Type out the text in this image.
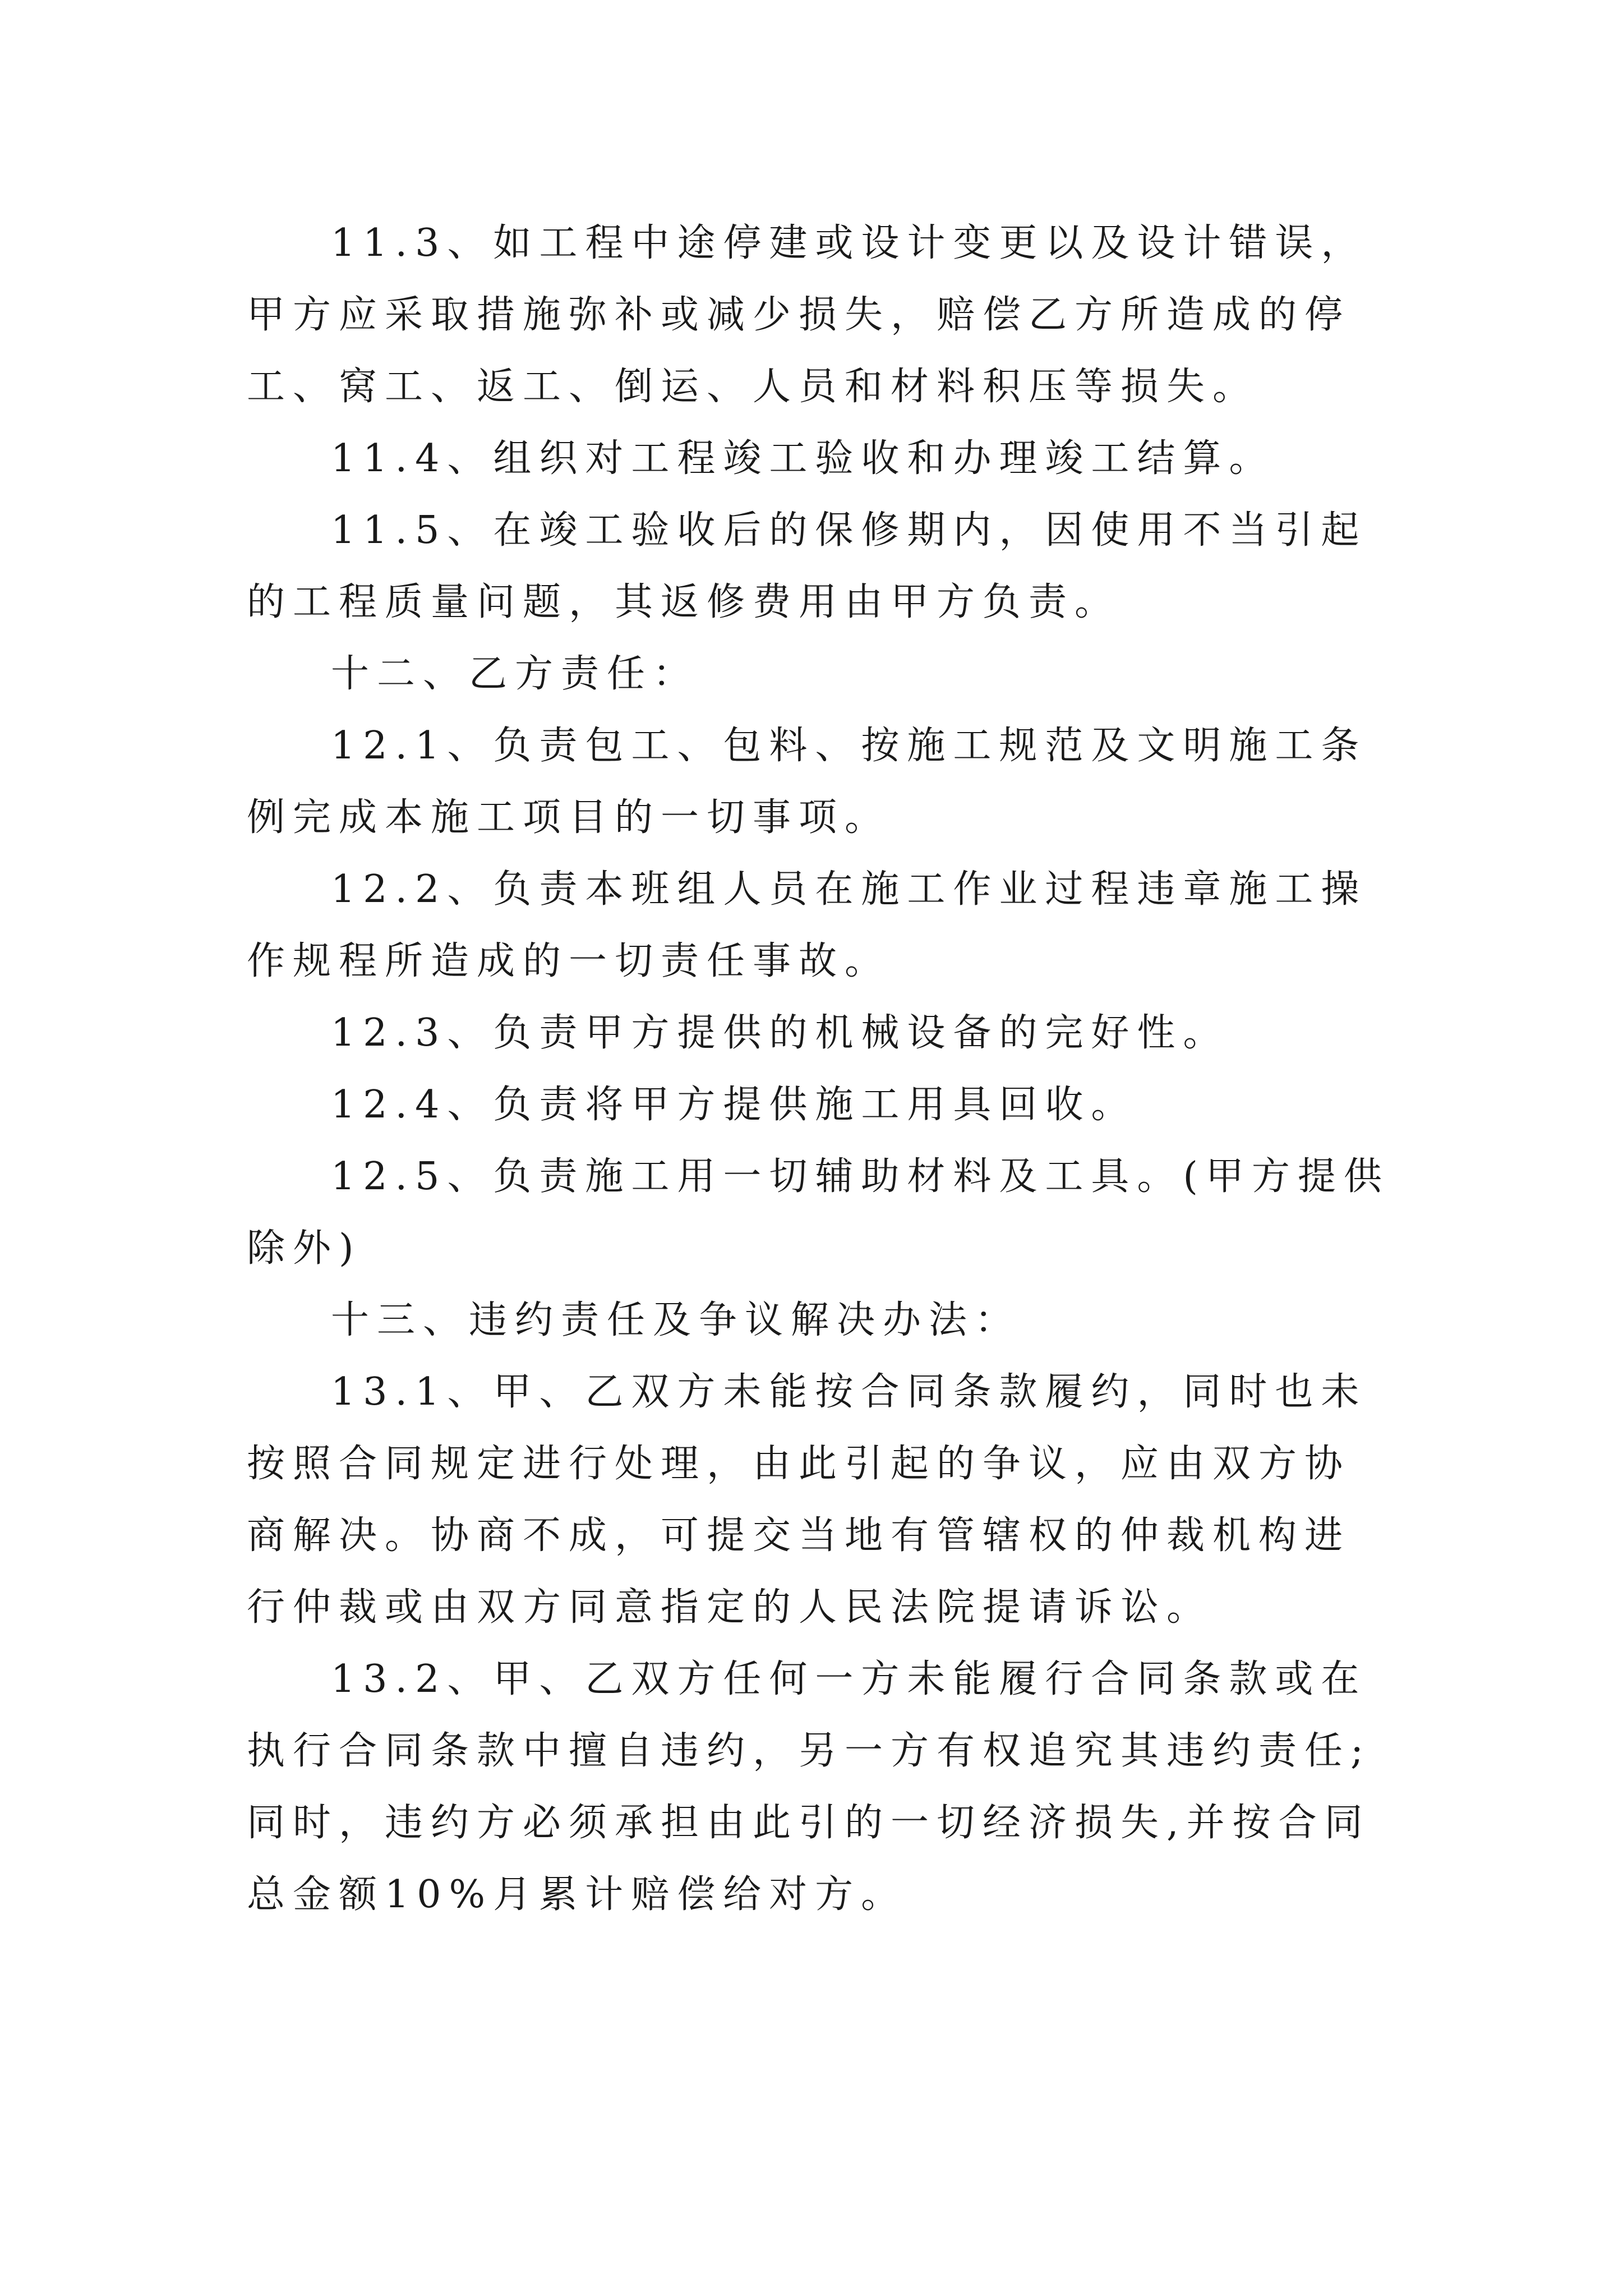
11.3、如工程中途停建或设计变更以及设计错误，甲方应采取措施弥补或减少损失，赔偿乙方所造成的停工、窝工、返工、倒运、人员和材料积压等损失。

11.4、组织对工程竣工验收和办理竣工结算。

11.5、在竣工验收后的保修期内，因使用不当引起的工程质量问题，其返修费用由甲方负责。

十二、乙方责任：

12.1、负责包工、包料、按施工规范及文明施工条例完成本施工项目的一切事项。

12.2、负责本班组人员在施工作业过程违章施工操作规程所造成的一切责任事故。

12.3、负责甲方提供的机械设备的完好性。

12.4、负责将甲方提供施工用具回收。

12.5、负责施工用一切辅助材料及工具。(甲方提供除外)

十三、违约责任及争议解决办法：

13.1、甲、乙双方未能按合同条款履约，同时也未按照合同规定进行处理，由此引起的争议，应由双方协商解决。协商不成，可提交当地有管辖权的仲裁机构进行仲裁或由双方同意指定的人民法院提请诉讼。

13.2、甲、乙双方任何一方未能履行合同条款或在执行合同条款中擅自违约，另一方有权追究其违约责任;同时，违约方必须承担由此引的一切经济损失,并按合同总金额10%月累计赔偿给对方。
